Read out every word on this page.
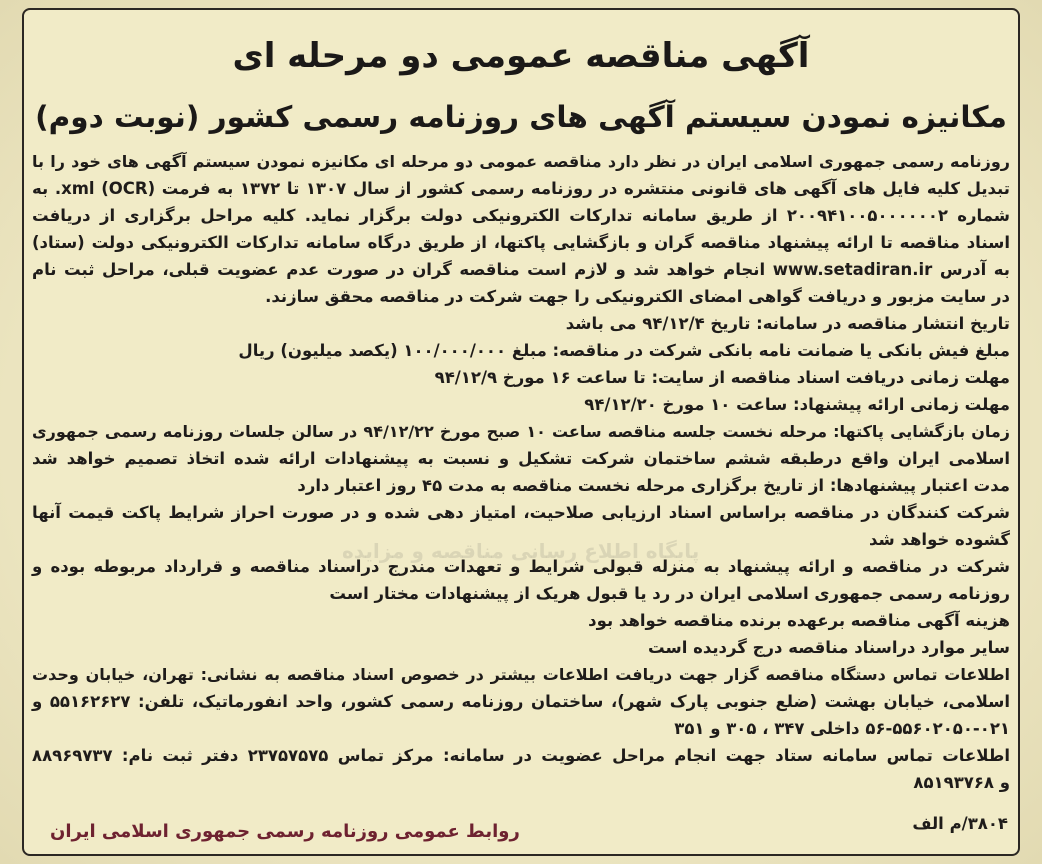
آگهی مناقصه عمومی دو مرحله ای
مکانیزه نمودن سیستم آگهی های روزنامه رسمی کشور (نوبت دوم)
پایگاه اطلاع رسانی مناقصه و مزایده
روزنامه رسمی جمهوری اسلامی ایران در نظر دارد مناقصه عمومی دو مرحله ای مکانیزه نمودن سیستم آگهی های خود را با
تبدیل کلیه فایل های آگهی های قانونی منتشره در روزنامه رسمی کشور از سال ۱۳۰۷ تا ۱۳۷۲ به فرمت (OCR) xml. به
شماره ۲۰۰۹۴۱۰۰۵۰۰۰۰۰۰۲ از طریق سامانه تدارکات الکترونیکی دولت برگزار نماید. کلیه مراحل برگزاری از دریافت
اسناد مناقصه تا ارائه پیشنهاد مناقصه گران و بازگشایی پاکتها، از طریق درگاه سامانه تدارکات الکترونیکی دولت (ستاد)
به آدرس www.setadiran.ir انجام خواهد شد و لازم است مناقصه گران در صورت عدم عضویت قبلی، مراحل ثبت نام
در سایت مزبور و دریافت گواهی امضای الکترونیکی را جهت شرکت در مناقصه محقق سازند.
تاریخ انتشار مناقصه در سامانه: تاریخ ۹۴/۱۲/۴ می باشد
مبلغ فیش بانکی یا ضمانت نامه بانکی شرکت در مناقصه: مبلغ ۱۰۰/۰۰۰/۰۰۰ (یکصد میلیون) ریال
مهلت زمانی دریافت اسناد مناقصه از سایت: تا ساعت ۱۶ مورخ ۹۴/۱۲/۹
مهلت زمانی ارائه پیشنهاد: ساعت ۱۰ مورخ ۹۴/۱۲/۲۰
زمان بازگشایی پاکتها: مرحله نخست جلسه مناقصه ساعت ۱۰ صبح مورخ ۹۴/۱۲/۲۲ در سالن جلسات روزنامه رسمی جمهوری
اسلامی ایران واقع درطبقه ششم ساختمان شرکت تشکیل و نسبت به پیشنهادات ارائه شده اتخاذ تصمیم خواهد شد
مدت اعتبار پیشنهادها: از تاریخ برگزاری مرحله نخست مناقصه به مدت ۴۵ روز اعتبار دارد
شرکت کنندگان در مناقصه براساس اسناد ارزیابی صلاحیت، امتیاز دهی شده و در صورت احراز شرایط پاکت قیمت آنها
گشوده خواهد شد
شرکت در مناقصه و ارائه پیشنهاد به منزله قبولی شرایط و تعهدات مندرج دراسناد مناقصه و قرارداد مربوطه بوده و
روزنامه رسمی جمهوری اسلامی ایران در رد یا قبول هریک از پیشنهادات مختار است
هزینه آگهی مناقصه برعهده برنده مناقصه خواهد بود
سایر موارد دراسناد مناقصه درج گردیده است
اطلاعات تماس دستگاه مناقصه گزار جهت دریافت اطلاعات بیشتر در خصوص اسناد مناقصه به نشانی: تهران، خیابان وحدت
اسلامی، خیابان بهشت (ضلع جنوبی پارک شهر)، ساختمان روزنامه رسمی کشور، واحد انفورماتیک، تلفن: ۵۵۱۶۲۶۲۷ و
۵۶-۵۵۶۰۲۰۵۰-۰۲۱ داخلی ۳۴۷ ، ۳۰۵ و ۳۵۱
اطلاعات تماس سامانه ستاد جهت انجام مراحل عضویت در سامانه: مرکز تماس ۲۳۷۵۷۵۷۵ دفتر ثبت نام: ۸۸۹۶۹۷۳۷
و ۸۵۱۹۳۷۶۸
۳۸۰۴/م الف
روابط عمومی روزنامه رسمی جمهوری اسلامی ایران
